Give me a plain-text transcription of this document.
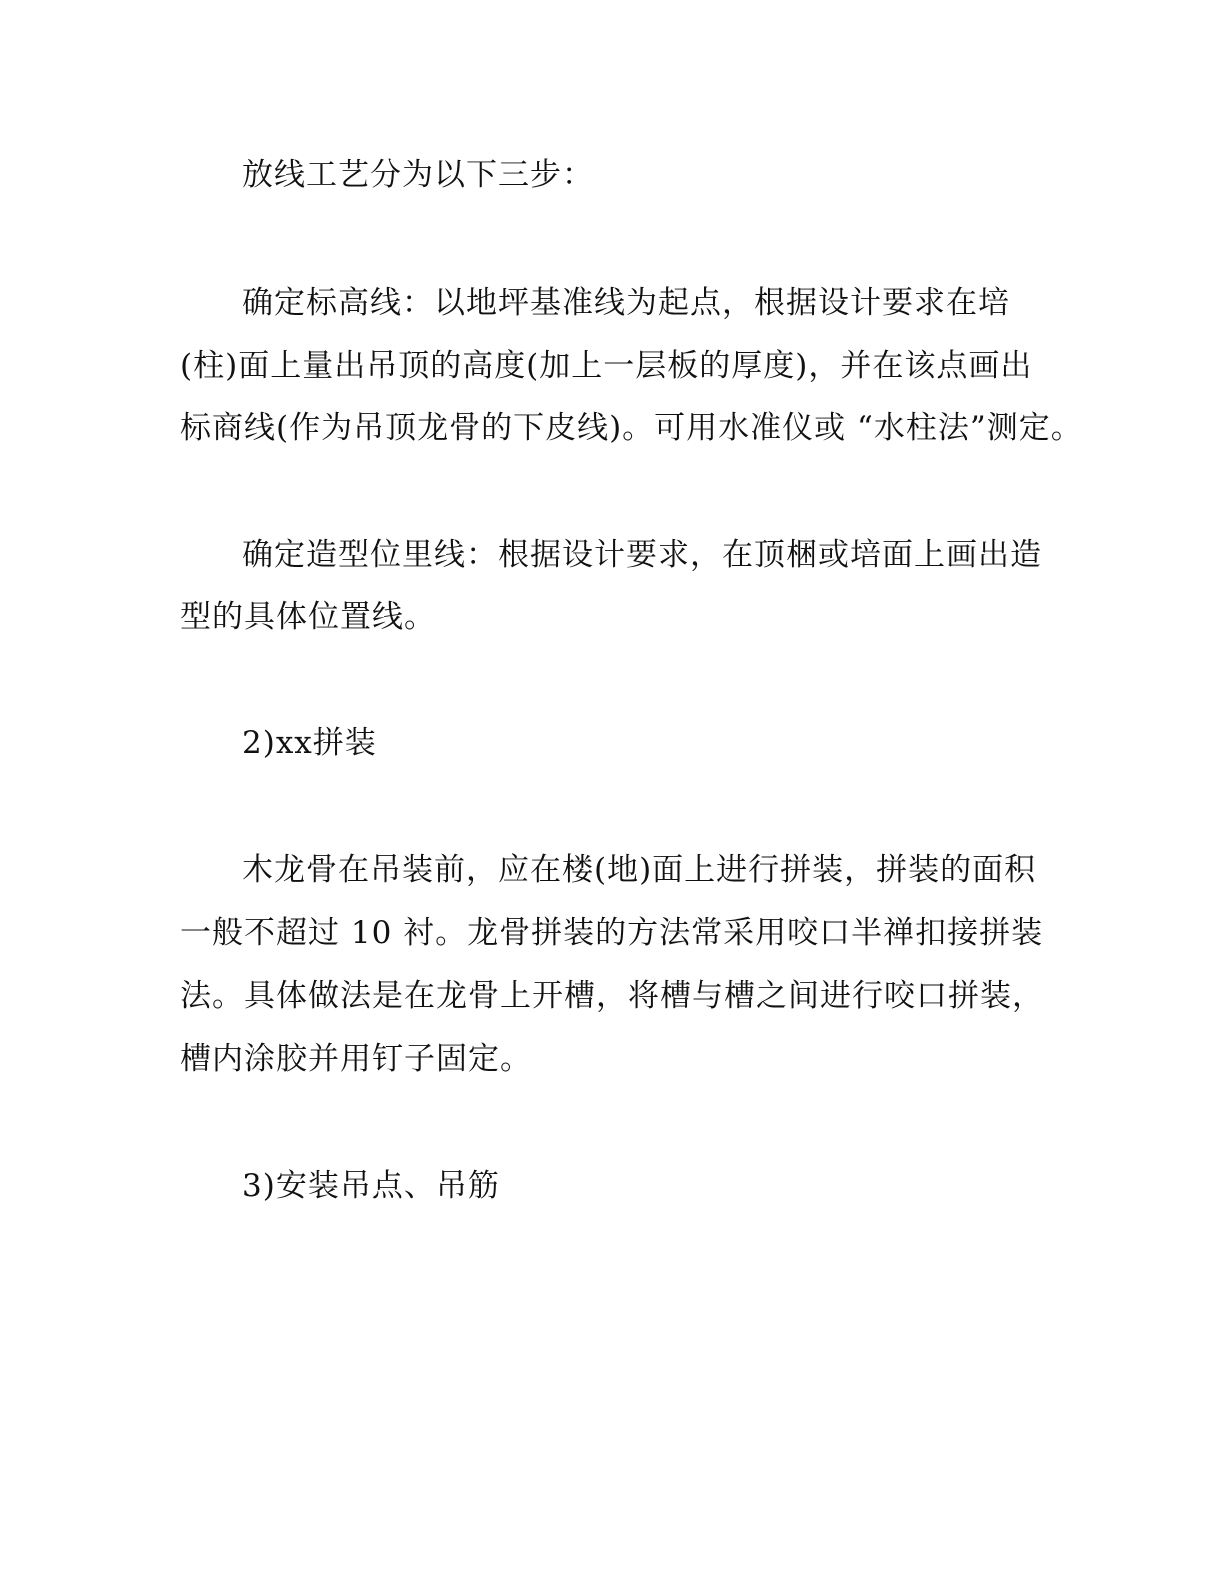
放线工艺分为以下三步：
确定标高线：以地坪基准线为起点，根据设计要求在培
(柱)面上量出吊顶的高度(加上一层板的厚度)，并在该点画出
标商线(作为吊顶龙骨的下皮线)。可用水准仪或 “水柱法”测定。
确定造型位里线：根据设计要求，在顶梱或培面上画出造
型的具体位置线。
2)xx拼装
木龙骨在吊装前，应在楼(地)面上进行拼装，拼装的面积
一般不超过 10 衬。龙骨拼装的方法常采用咬口半禅扣接拼装
法。具体做法是在龙骨上开槽，将槽与槽之间进行咬口拼装，
槽内涂胶并用钉子固定。
3)安装吊点、吊筋
